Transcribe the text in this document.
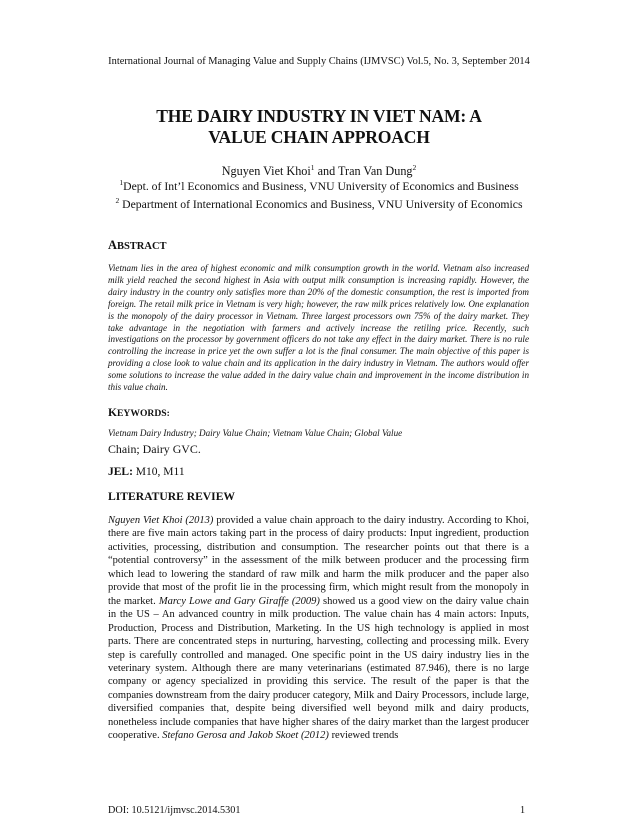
International Journal of Managing Value and Supply Chains (IJMVSC) Vol.5, No. 3, September 2014
THE DAIRY INDUSTRY IN VIET NAM: A
VALUE CHAIN APPROACH
Nguyen Viet Khoi$^1$ and Tran Van Dung$^2$
$^1$Dept. of Int’l Economics and Business, VNU University of Economics and Business
$^2$ Department of International Economics and Business, VNU University of Economics
ABSTRACT
Vietnam lies in the area of highest economic and milk consumption growth in the world. Vietnam also increased milk yield reached the second highest in Asia with output milk consumption is increasing rapidly. However, the dairy industry in the country only satisfies more than 20% of the domestic consumption, the rest is imported from foreign. The retail milk price in Vietnam is very high; however, the raw milk prices relatively low. One explanation is the monopoly of the dairy processor in Vietnam. Three largest processors own 75% of the dairy market. They take advantage in the negotiation with farmers and actively increase the retiling price. Recently, such investigations on the processor by government officers do not take any effect in the dairy market. There is no rule controlling the increase in price yet the own suffer a lot is the final consumer. The main objective of this paper is providing a close look to value chain and its application in the dairy industry in Vietnam. The authors would offer some solutions to increase the value added in the dairy value chain and improvement in the income distribution in this value chain.
KEYWORDS:
Vietnam Dairy Industry; Dairy Value Chain; Vietnam Value Chain; Global Value
Chain; Dairy GVC.
JEL: M10, M11
LITERATURE REVIEW

Nguyen Viet Khoi (2013) provided a value chain approach to the dairy industry. According to Khoi, there are five main actors taking part in the process of dairy products: Input ingredient, production activities, processing, distribution and consumption. The researcher points out that there is a “potential controversy” in the assessment of the milk between producer and the processing firm which lead to lowering the standard of raw milk and harm the milk producer and the paper also provide that most of the profit lie in the processing firm, which might result from the monopoly in the market. Marcy Lowe and Gary Giraffe (2009) showed us a good view on the dairy value chain in the US – An advanced country in milk production. The value chain has 4 main actors: Inputs, Production, Process and Distribution, Marketing. In the US high technology is applied in most parts. There are concentrated steps in nurturing, harvesting, collecting and processing milk. Every step is carefully controlled and managed. One specific point in the US dairy industry lies in the veterinary system. Although there are many veterinarians (estimated 87.946), there is no large company or agency specialized in providing this service. The result of the paper is that the companies downstream from the dairy producer category, Milk and Dairy Processors, include large, diversified companies that, despite being diversified well beyond milk and dairy products, nonetheless include companies that have higher shares of the dairy market than the largest producer cooperative. Stefano Gerosa and Jakob Skoet (2012) reviewed trends

DOI: 10.5121/ijmvsc.2014.5301	1
